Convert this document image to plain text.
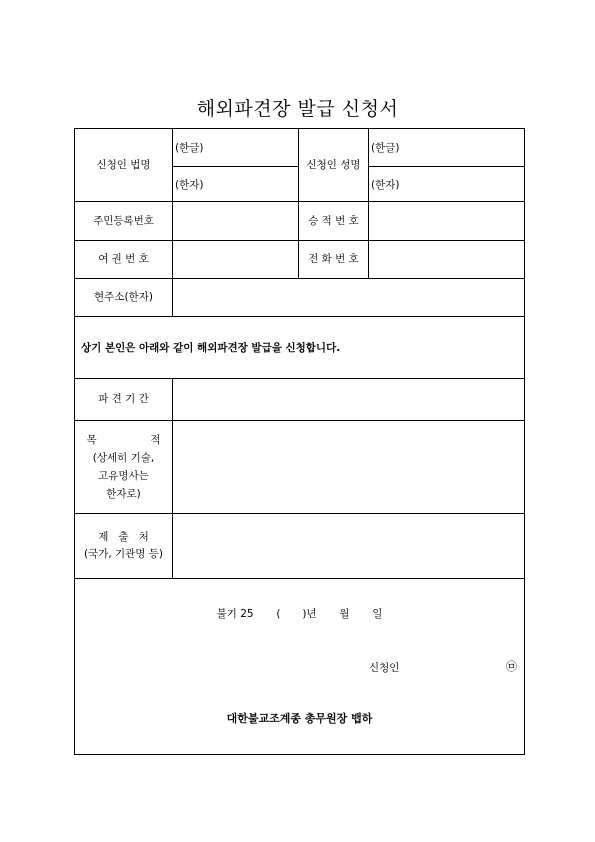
해외파견장 발급 신청서
신청인 법명	(한글)	신청인 성명	(한글)
	(한자)		(한자)
주민등록번호		승 적 번 호	
여 권 번 호		전 화 번 호	
현주소(한자)			
상기 본인은 아래와 같이 해외파견장 발급을 신청합니다.			
파 견 기 간			

목 적
(상세히 기술,
고유명사는
한자로)			

제   출   처
(국가, 기관명 등)			

불기 25 ( )년 월 일
신청인 ㉤
대한불교조계종 총무원장 뱁하			
